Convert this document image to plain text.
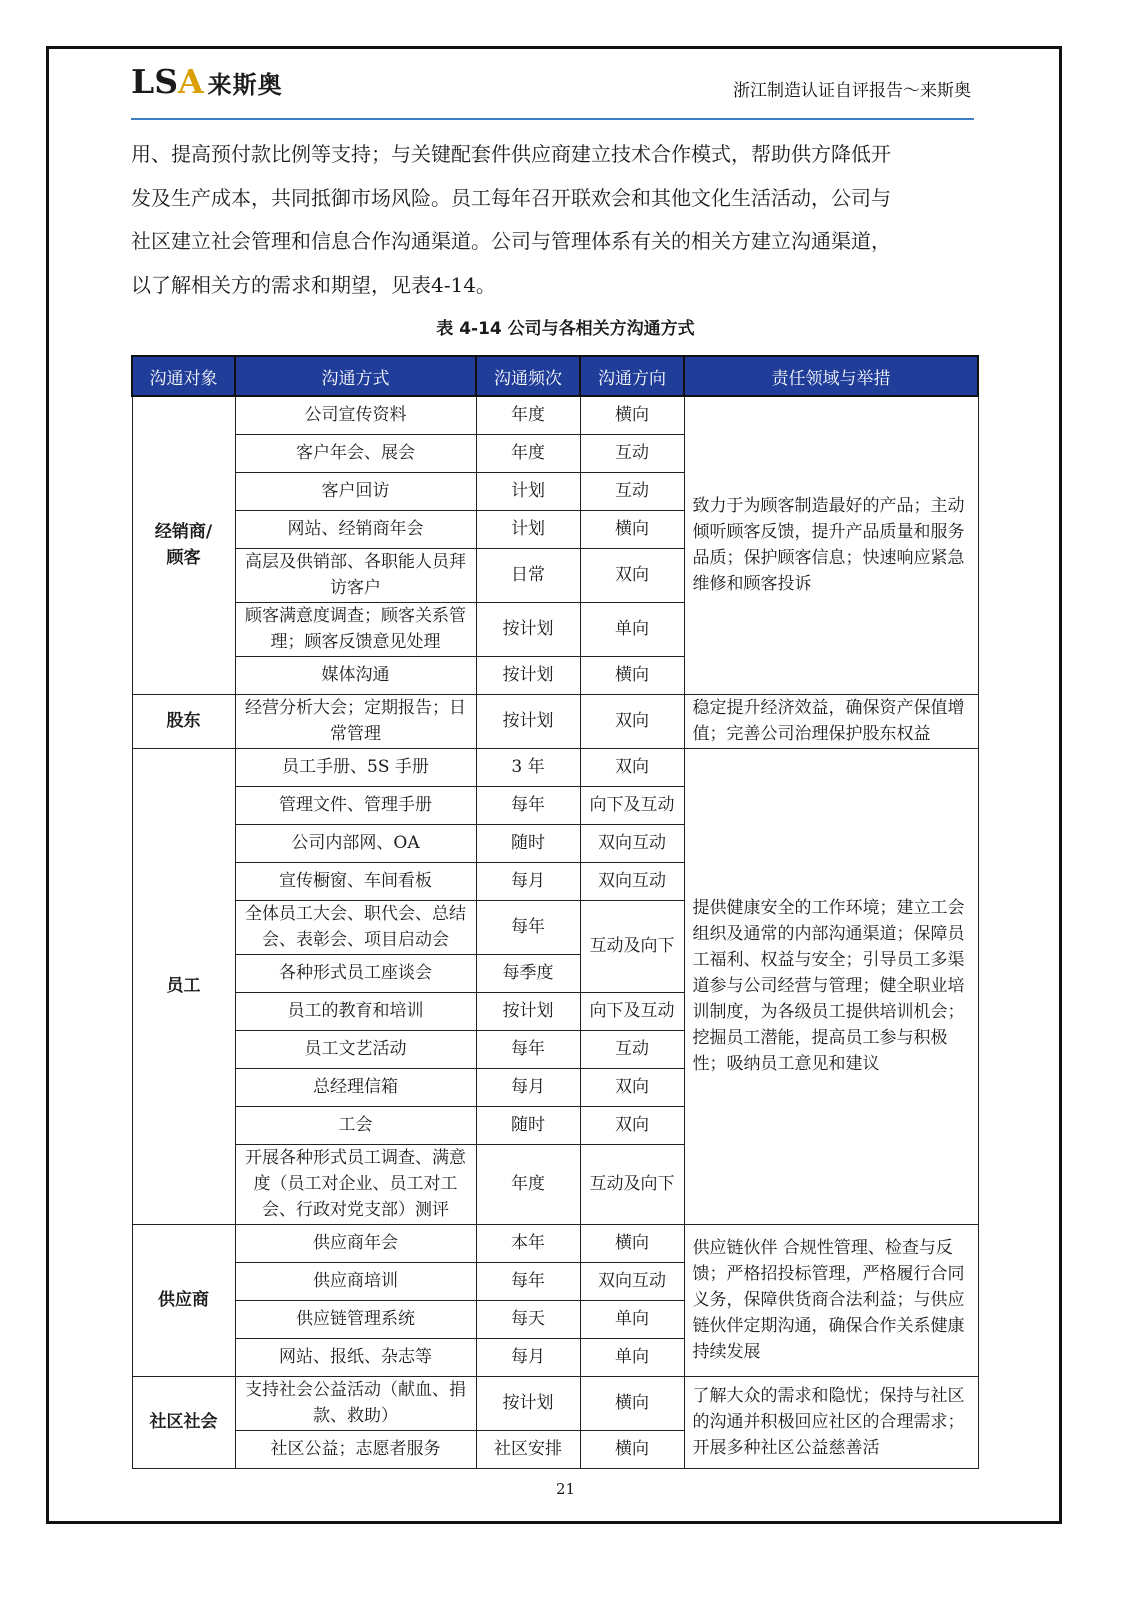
LSA 来斯奥	浙江制造认证自评报告～来斯奥
用、提高预付款比例等支持；与关键配套件供应商建立技术合作模式，帮助供方降低开
发及生产成本，共同抵御市场风险。员工每年召开联欢会和其他文化生活活动，公司与
社区建立社会管理和信息合作沟通渠道。公司与管理体系有关的相关方建立沟通渠道，
以了解相关方的需求和期望，见表4-14。
表 4-14 公司与各相关方沟通方式
沟通对象	沟通方式	沟通频次	沟通方向	责任领域与举措
经销商/顾客	公司宣传资料	年度	横向	致力于为顾客制造最好的产品；主动倾听顾客反馈，提升产品质量和服务品质；保护顾客信息；快速响应紧急维修和顾客投诉
	客户年会、展会	年度	互动	
	客户回访	计划	互动	
	网站、经销商年会	计划	横向	
	高层及供销部、各职能人员拜访客户	日常	双向	
	顾客满意度调查；顾客关系管理；顾客反馈意见处理	按计划	单向	
	媒体沟通	按计划	横向	
股东	经营分析大会；定期报告；日常管理	按计划	双向	稳定提升经济效益，确保资产保值增值；完善公司治理保护股东权益
员工	员工手册、5S 手册	3 年	双向	提供健康安全的工作环境；建立工会组织及通常的内部沟通渠道；保障员工福利、权益与安全；引导员工多渠道参与公司经营与管理；健全职业培训制度，为各级员工提供培训机会；挖掘员工潜能，提高员工参与积极性；吸纳员工意见和建议
	管理文件、管理手册	每年	向下及互动	
	公司内部网、OA	随时	双向互动	
	宣传橱窗、车间看板	每月	双向互动	
	全体员工大会、职代会、总结会、表彰会、项目启动会	每年	互动及向下	
	各种形式员工座谈会	每季度		
	员工的教育和培训	按计划	向下及互动	
	员工文艺活动	每年	互动	
	总经理信箱	每月	双向	
	工会	随时	双向	
	开展各种形式员工调查、满意度（员工对企业、员工对工会、行政对党支部）测评	年度	互动及向下	
供应商	供应商年会	本年	横向	供应链伙伴 合规性管理、检查与反馈；严格招投标管理，严格履行合同义务，保障供货商合法利益；与供应链伙伴定期沟通，确保合作关系健康持续发展
	供应商培训	每年	双向互动	
	供应链管理系统	每天	单向	
	网站、报纸、杂志等	每月	单向	
社区社会	支持社会公益活动（献血、捐款、救助）	按计划	横向	了解大众的需求和隐忧；保持与社区的沟通并积极回应社区的合理需求；开展多种社区公益慈善活
	社区公益；志愿者服务	社区安排	横向	
21
